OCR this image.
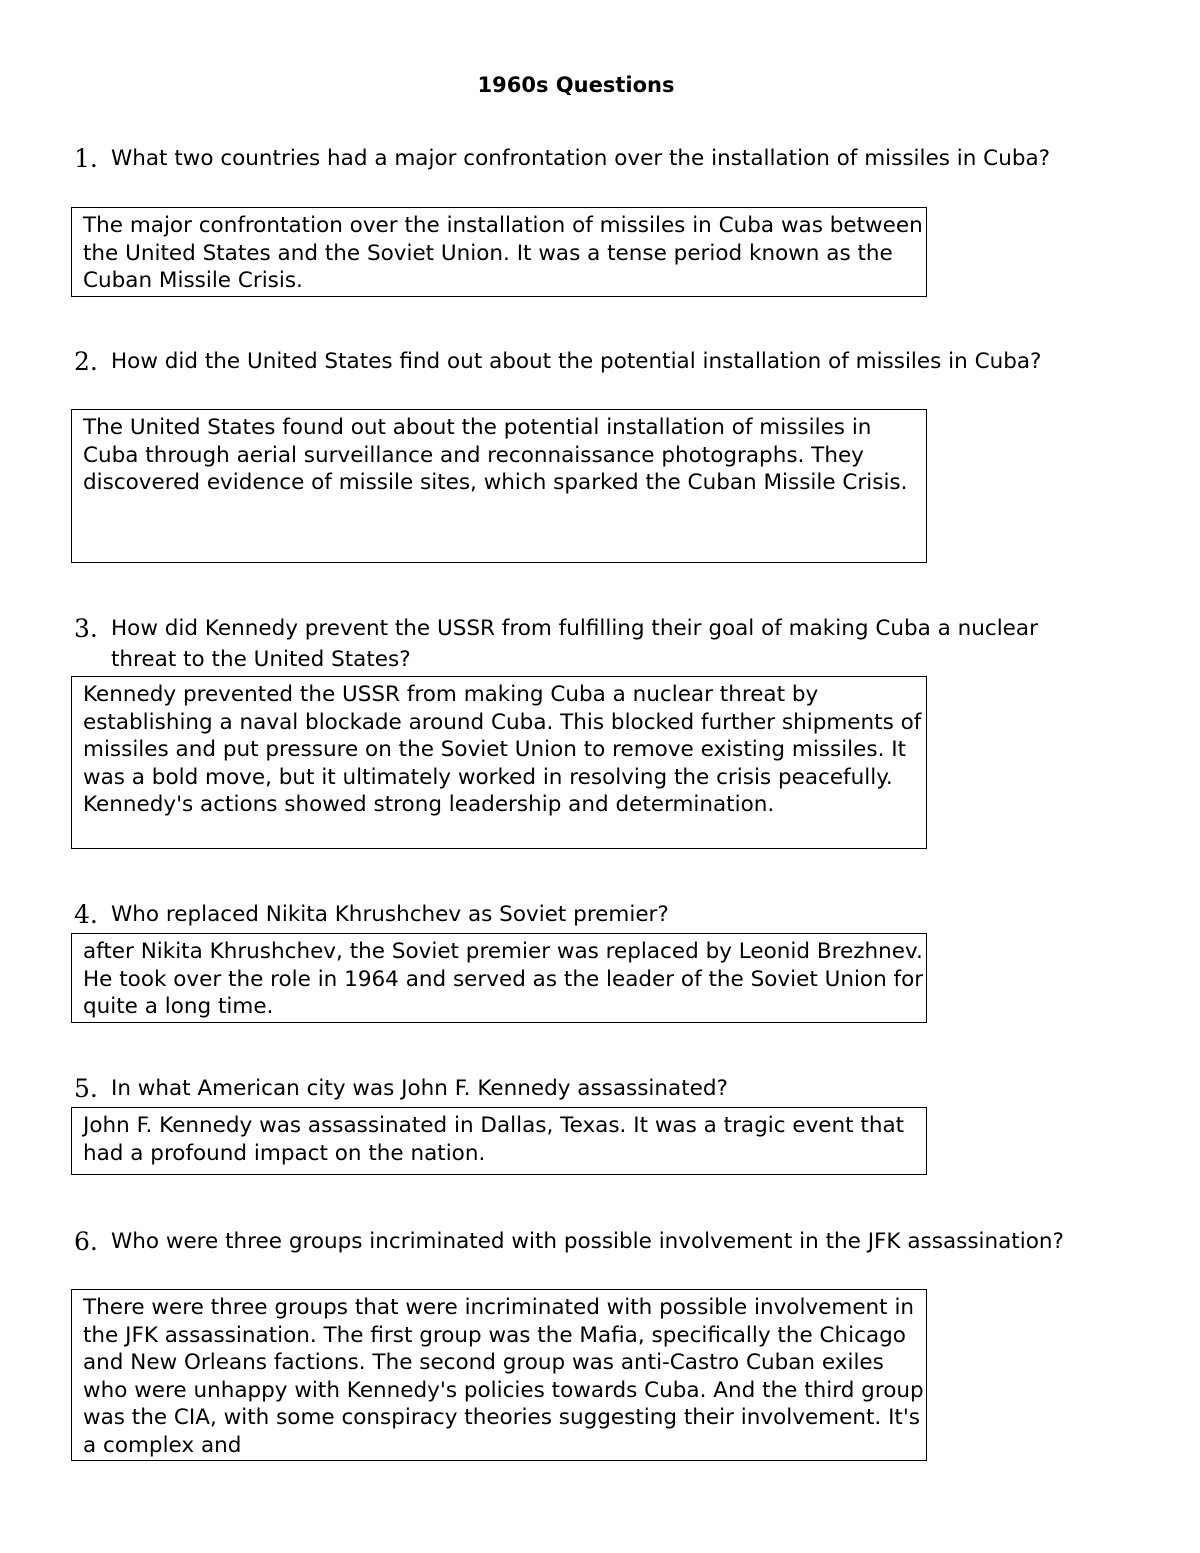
1960s Questions
1. What two countries had a major confrontation over the installation of missiles in Cuba?
The major confrontation over the installation of missiles in Cuba was between the United States and the Soviet Union. It was a tense period known as the Cuban Missile Crisis.
2. How did the United States find out about the potential installation of missiles in Cuba?
The United States found out about the potential installation of missiles in Cuba through aerial surveillance and reconnaissance photographs. They discovered evidence of missile sites, which sparked the Cuban Missile Crisis.
3. How did Kennedy prevent the USSR from fulfilling their goal of making Cuba a nuclear threat to the United States?
Kennedy prevented the USSR from making Cuba a nuclear threat by establishing a naval blockade around Cuba. This blocked further shipments of missiles and put pressure on the Soviet Union to remove existing missiles. It was a bold move, but it ultimately worked in resolving the crisis peacefully. Kennedy's actions showed strong leadership and determination.
4. Who replaced Nikita Khrushchev as Soviet premier?
after Nikita Khrushchev, the Soviet premier was replaced by Leonid Brezhnev. He took over the role in 1964 and served as the leader of the Soviet Union for quite a long time.
5. In what American city was John F. Kennedy assassinated?
John F. Kennedy was assassinated in Dallas, Texas. It was a tragic event that had a profound impact on the nation.
6. Who were three groups incriminated with possible involvement in the JFK assassination?
There were three groups that were incriminated with possible involvement in the JFK assassination. The first group was the Mafia, specifically the Chicago and New Orleans factions. The second group was anti-Castro Cuban exiles who were unhappy with Kennedy's policies towards Cuba. And the third group was the CIA, with some conspiracy theories suggesting their involvement. It's a complex and
